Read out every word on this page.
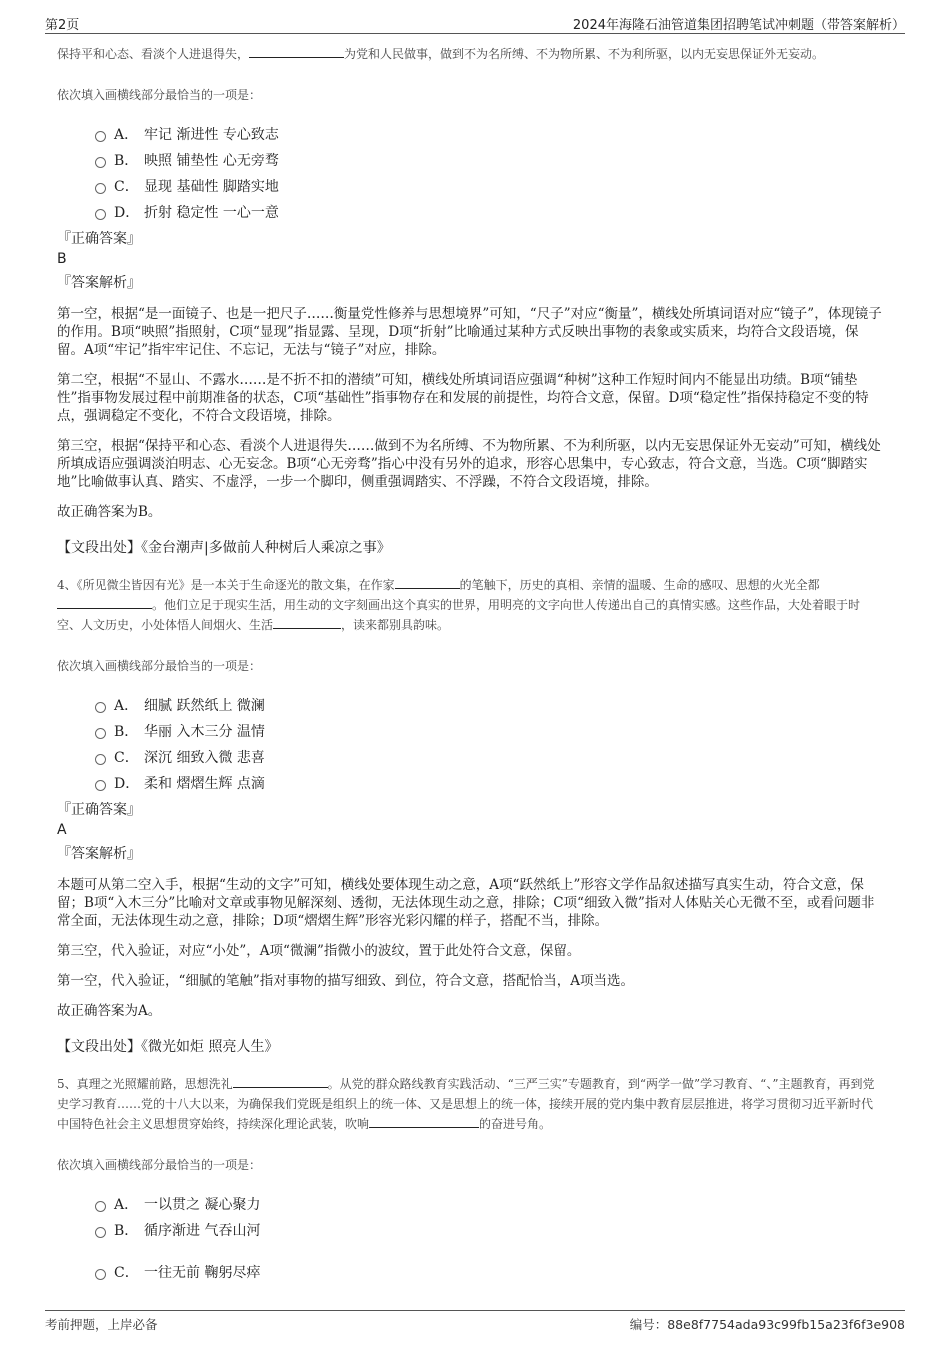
第2页	2024年海隆石油管道集团招聘笔试冲刺题（带答案解析）
保持平和心态、看淡个人进退得失，	为党和人民做事，做到不为名所缚、不为物所累、不为利所驱，以内无妄思保证外无妄动。
依次填入画横线部分最恰当的一项是：
A． 牢记 渐进性 专心致志
B． 映照 铺垫性 心无旁骛
C． 显现 基础性 脚踏实地
D． 折射 稳定性 一心一意
『正确答案』
B
『答案解析』
第一空，根据“是一面镜子、也是一把尺子……衡量党性修养与思想境界”可知，“尺子”对应“衡量”，横线处所填词语对应“镜子”，体现镜子的作用。B项“映照”指照射，C项“显现”指显露、呈现，D项“折射”比喻通过某种方式反映出事物的表象或实质来，均符合文段语境，保留。A项“牢记”指牢牢记住、不忘记，无法与“镜子”对应，排除。
第二空，根据“不显山、不露水……是不折不扣的潜绩”可知，横线处所填词语应强调“种树”这种工作短时间内不能显出功绩。B项“铺垫性”指事物发展过程中前期准备的状态，C项“基础性”指事物存在和发展的前提性，均符合文意，保留。D项“稳定性”指保持稳定不变的特点，强调稳定不变化，不符合文段语境，排除。
第三空，根据“保持平和心态、看淡个人进退得失……做到不为名所缚、不为物所累、不为利所驱，以内无妄思保证外无妄动”可知，横线处所填成语应强调淡泊明志、心无妄念。B项“心无旁骛”指心中没有另外的追求，形容心思集中，专心致志，符合文意，当选。C项“脚踏实地”比喻做事认真、踏实、不虚浮，一步一个脚印，侧重强调踏实、不浮躁，不符合文段语境，排除。
故正确答案为B。
【文段出处】《金台潮声|多做前人种树后人乘凉之事》
4、《所见微尘皆因有光》是一本关于生命逐光的散文集，在作家	的笔触下，历史的真相、亲情的温暖、生命的感叹、思想的火光全都。他们立足于现实生活，用生动的文字刻画出这个真实的世界，用明亮的文字向世人传递出自己的真情实感。这些作品，大处着眼于时空、人文历史，小处体悟人间烟火、生活	，读来都别具韵味。
依次填入画横线部分最恰当的一项是：
A． 细腻 跃然纸上 微澜
B． 华丽 入木三分 温情
C． 深沉 细致入微 悲喜
D． 柔和 熠熠生辉 点滴
『正确答案』
A
『答案解析』
本题可从第二空入手，根据“生动的文字”可知，横线处要体现生动之意，A项“跃然纸上”形容文学作品叙述描写真实生动，符合文意，保留；B项“入木三分”比喻对文章或事物见解深刻、透彻，无法体现生动之意，排除；C项“细致入微”指对人体贴关心无微不至，或看问题非常全面，无法体现生动之意，排除；D项“熠熠生辉”形容光彩闪耀的样子，搭配不当，排除。
第三空，代入验证，对应“小处”，A项“微澜”指微小的波纹，置于此处符合文意，保留。
第一空，代入验证，“细腻的笔触”指对事物的描写细致、到位，符合文意，搭配恰当，A项当选。
故正确答案为A。
【文段出处】《微光如炬 照亮人生》
5、真理之光照耀前路，思想洗礼	。从党的群众路线教育实践活动、“三严三实”专题教育，到“两学一做”学习教育、“、”主题教育，再到党史学习教育……党的十八大以来，为确保我们党既是组织上的统一体、又是思想上的统一体，接续开展的党内集中教育层层推进，将学习贯彻习近平新时代中国特色社会主义思想贯穿始终，持续深化理论武装，吹响	的奋进号角。
依次填入画横线部分最恰当的一项是：
A． 一以贯之 凝心聚力
B． 循序渐进 气吞山河
C． 一往无前 鞠躬尽瘁
考前押题，上岸必备	编号：88e8f7754ada93c99fb15a23f6f3e908
